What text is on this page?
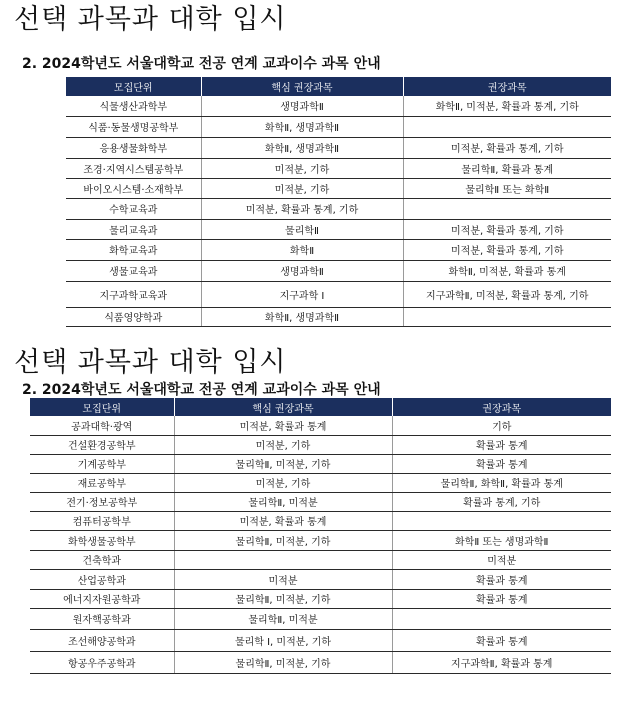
선택 과목과 대학 입시
2. 2024학년도 서울대학교 전공 연계 교과이수 과목 안내
모집단위	핵심 권장과목	권장과목
식물생산과학부	생명과학Ⅱ	화학Ⅱ, 미적분, 확률과 통계, 기하
식품·동물생명공학부	화학Ⅱ, 생명과학Ⅱ	
응용생물화학부	화학Ⅱ, 생명과학Ⅱ	미적분, 확률과 통계, 기하
조경·지역시스템공학부	미적분, 기하	물리학Ⅱ, 확률과 통계
바이오시스템·소재학부	미적분, 기하	물리학Ⅱ 또는 화학Ⅱ
수학교육과	미적분, 확률과 통계, 기하	
물리교육과	물리학Ⅱ	미적분, 확률과 통계, 기하
화학교육과	화학Ⅱ	미적분, 확률과 통계, 기하
생물교육과	생명과학Ⅱ	화학Ⅱ, 미적분, 확률과 통계
지구과학교육과	지구과학 Ⅰ	지구과학Ⅱ, 미적분, 확률과 통계, 기하
식품영양학과	화학Ⅱ, 생명과학Ⅱ	
선택 과목과 대학 입시
2. 2024학년도 서울대학교 전공 연계 교과이수 과목 안내
모집단위	핵심 권장과목	권장과목
공과대학·광역	미적분, 확률과 통계	기하
건설환경공학부	미적분, 기하	확률과 통계
기계공학부	물리학Ⅱ, 미적분, 기하	확률과 통계
재료공학부	미적분, 기하	물리학Ⅱ, 화학Ⅱ, 확률과 통계
전기·정보공학부	물리학Ⅱ, 미적분	확률과 통계, 기하
컴퓨터공학부	미적분, 확률과 통계	
화학생물공학부	물리학Ⅱ, 미적분, 기하	화학Ⅱ 또는 생명과학Ⅱ
건축학과		미적분
산업공학과	미적분	확률과 통계
에너지자원공학과	물리학Ⅱ, 미적분, 기하	확률과 통계
원자핵공학과	물리학Ⅱ, 미적분	
조선해양공학과	물리학 Ⅰ, 미적분, 기하	확률과 통계
항공우주공학과	물리학Ⅱ, 미적분, 기하	지구과학Ⅱ, 확률과 통계
